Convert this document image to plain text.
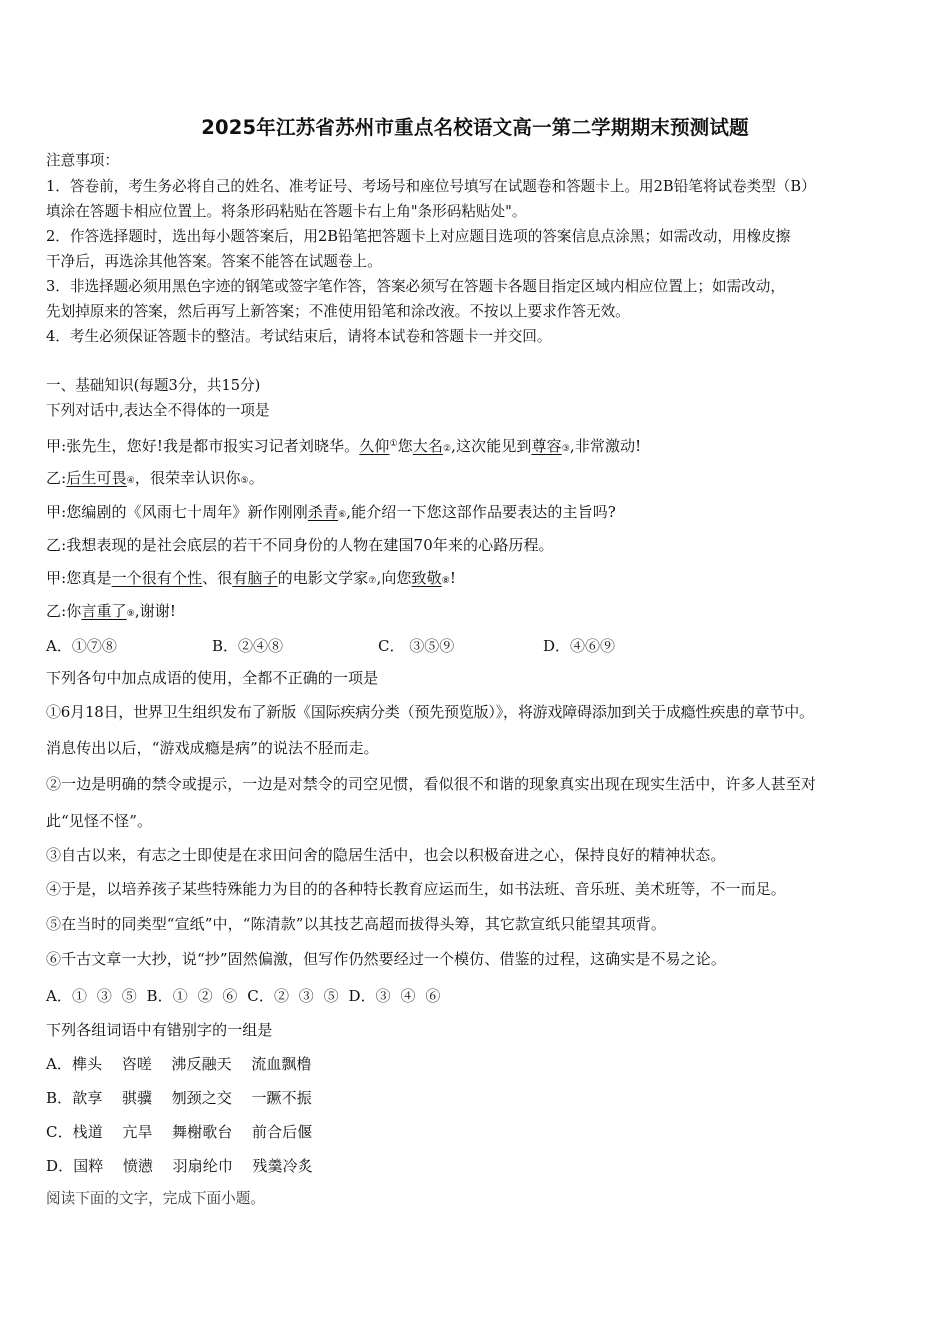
2025年江苏省苏州市重点名校语文高一第二学期期末预测试题
注意事项：
1．答卷前，考生务必将自己的姓名、准考证号、考场号和座位号填写在试题卷和答题卡上。用2B铅笔将试卷类型（B）
填涂在答题卡相应位置上。将条形码粘贴在答题卡右上角"条形码粘贴处"。
2．作答选择题时，选出每小题答案后，用2B铅笔把答题卡上对应题目选项的答案信息点涂黑；如需改动，用橡皮擦
干净后，再选涂其他答案。答案不能答在试题卷上。
3．非选择题必须用黑色字迹的钢笔或签字笔作答，答案必须写在答题卡各题目指定区域内相应位置上；如需改动，
先划掉原来的答案，然后再写上新答案；不准使用铅笔和涂改液。不按以上要求作答无效。
4．考生必须保证答题卡的整洁。考试结束后，请将本试卷和答题卡一并交回。
一、基础知识(每题3分，共15分)
下列对话中,表达全不得体的一项是
甲:张先生，您好!我是都市报实习记者刘晓华。久仰①您大名②,这次能见到尊容③,非常激动!
乙:后生可畏④，很荣幸认识你⑤。
甲:您编剧的《风雨七十周年》新作刚刚杀青⑥,能介绍一下您这部作品要表达的主旨吗?
乙:我想表现的是社会底层的若干不同身份的人物在建国70年来的心路历程。
甲:您真是一个很有个性、很有脑子的电影文学家⑦,向您致敬⑧!
乙:你言重了⑨,谢谢!
A．①⑦⑧	B．②④⑧	C． ③⑤⑨	D．④⑥⑨
下列各句中加点成语的使用，全都不正确的一项是
①6月18日，世界卫生组织发布了新版《国际疾病分类（预先预览版）》，将游戏障碍添加到关于成瘾性疾患的章节中。
消息传出以后，“游戏成瘾是病”的说法不胫而走。
②一边是明确的禁令或提示，一边是对禁令的司空见惯，看似很不和谐的现象真实出现在现实生活中，许多人甚至对
此“见怪不怪”。
③自古以来，有志之士即使是在求田问舍的隐居生活中，也会以积极奋进之心，保持良好的精神状态。
④于是，以培养孩子某些特殊能力为目的的各种特长教育应运而生，如书法班、音乐班、美术班等，不一而足。
⑤在当时的同类型“宣纸”中，“陈清款”以其技艺高超而拔得头筹，其它款宣纸只能望其项背。
⑥千古文章一大抄，说“抄”固然偏激，但写作仍然要经过一个模仿、借鉴的过程，这确实是不易之论。
A．①  ③  ⑤  B．①  ②  ⑥  C．②  ③  ⑤  D．③  ④  ⑥
下列各组词语中有错别字的一组是
A．榫头    咨嗟    沸反融天    流血飘橹
B．歆享    骐骥    刎颈之交    一蹶不振
C．栈道    亢旱    舞榭歌台    前合后偃
D．国粹    愤懑    羽扇纶巾    残羹冷炙
阅读下面的文字，完成下面小题。
